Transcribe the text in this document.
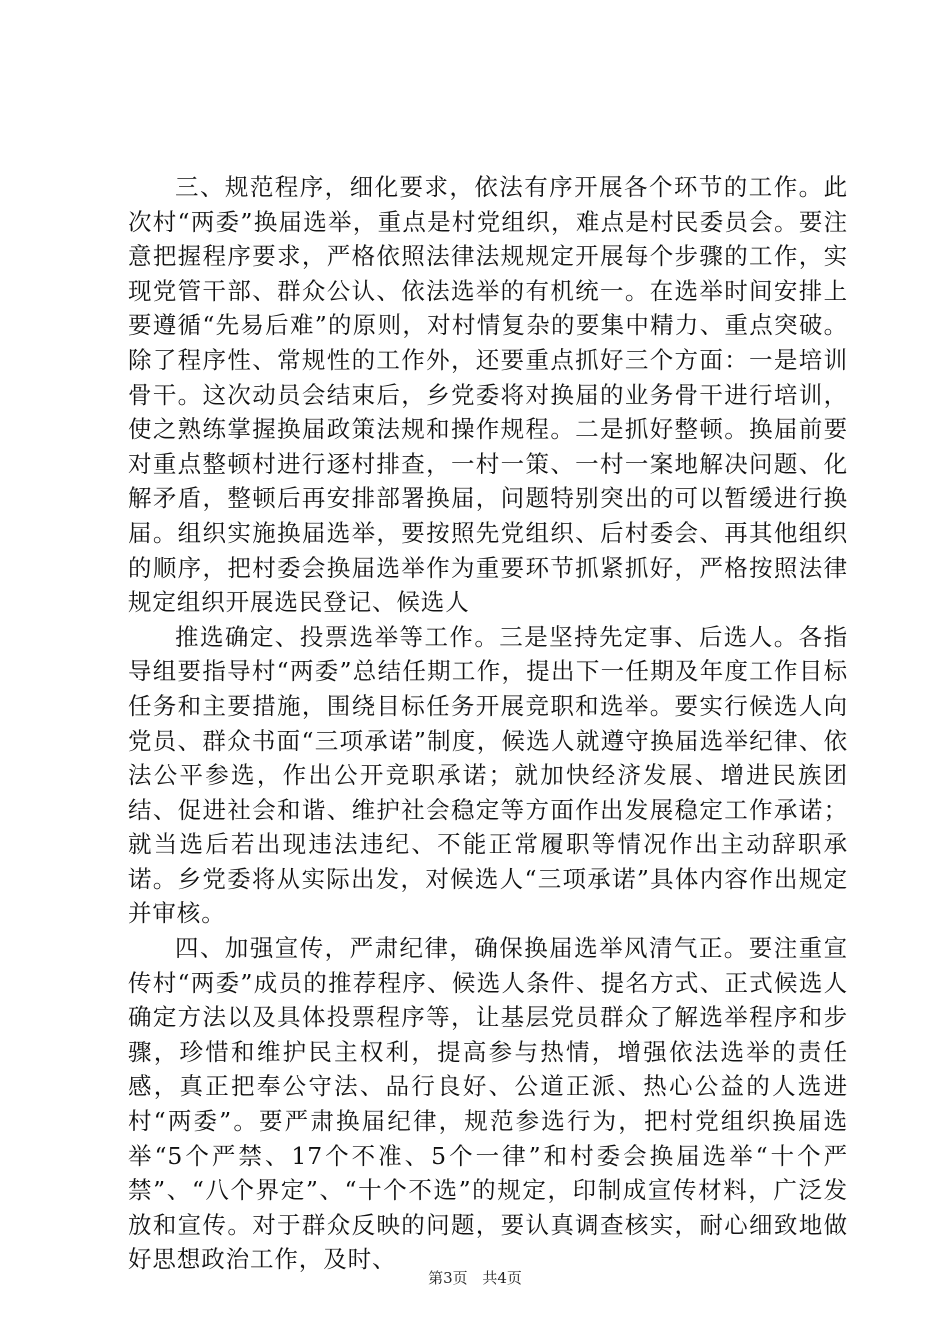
三、规范程序，细化要求，依法有序开展各个环节的工作。此次村“两委”换届选举，重点是村党组织，难点是村民委员会。要注意把握程序要求，严格依照法律法规规定开展每个步骤的工作，实现党管干部、群众公认、依法选举的有机统一。在选举时间安排上要遵循“先易后难”的原则，对村情复杂的要集中精力、重点突破。除了程序性、常规性的工作外，还要重点抓好三个方面：一是培训骨干。这次动员会结束后，乡党委将对换届的业务骨干进行培训，使之熟练掌握换届政策法规和操作规程。二是抓好整顿。换届前要对重点整顿村进行逐村排查，一村一策、一村一案地解决问题、化解矛盾，整顿后再安排部署换届，问题特别突出的可以暂缓进行换届。组织实施换届选举，要按照先党组织、后村委会、再其他组织的顺序，把村委会换届选举作为重要环节抓紧抓好，严格按照法律规定组织开展选民登记、候选人

推选确定、投票选举等工作。三是坚持先定事、后选人。各指导组要指导村“两委”总结任期工作，提出下一任期及年度工作目标任务和主要措施，围绕目标任务开展竞职和选举。要实行候选人向党员、群众书面“三项承诺”制度，候选人就遵守换届选举纪律、依法公平参选，作出公开竞职承诺；就加快经济发展、增进民族团结、促进社会和谐、维护社会稳定等方面作出发展稳定工作承诺；就当选后若出现违法违纪、不能正常履职等情况作出主动辞职承诺。乡党委将从实际出发，对候选人“三项承诺”具体内容作出规定并审核。

四、加强宣传，严肃纪律，确保换届选举风清气正。要注重宣传村“两委”成员的推荐程序、候选人条件、提名方式、正式候选人确定方法以及具体投票程序等，让基层党员群众了解选举程序和步骤，珍惜和维护民主权利，提高参与热情，增强依法选举的责任感，真正把奉公守法、品行良好、公道正派、热心公益的人选进村“两委”。要严肃换届纪律，规范参选行为，把村党组织换届选举“5个严禁、17个不准、5个一律”和村委会换届选举“十个严禁”、“八个界定”、“十个不选”的规定，印制成宣传材料，广泛发放和宣传。对于群众反映的问题，要认真调查核实，耐心细致地做好思想政治工作，及时、

第3页 共4页
